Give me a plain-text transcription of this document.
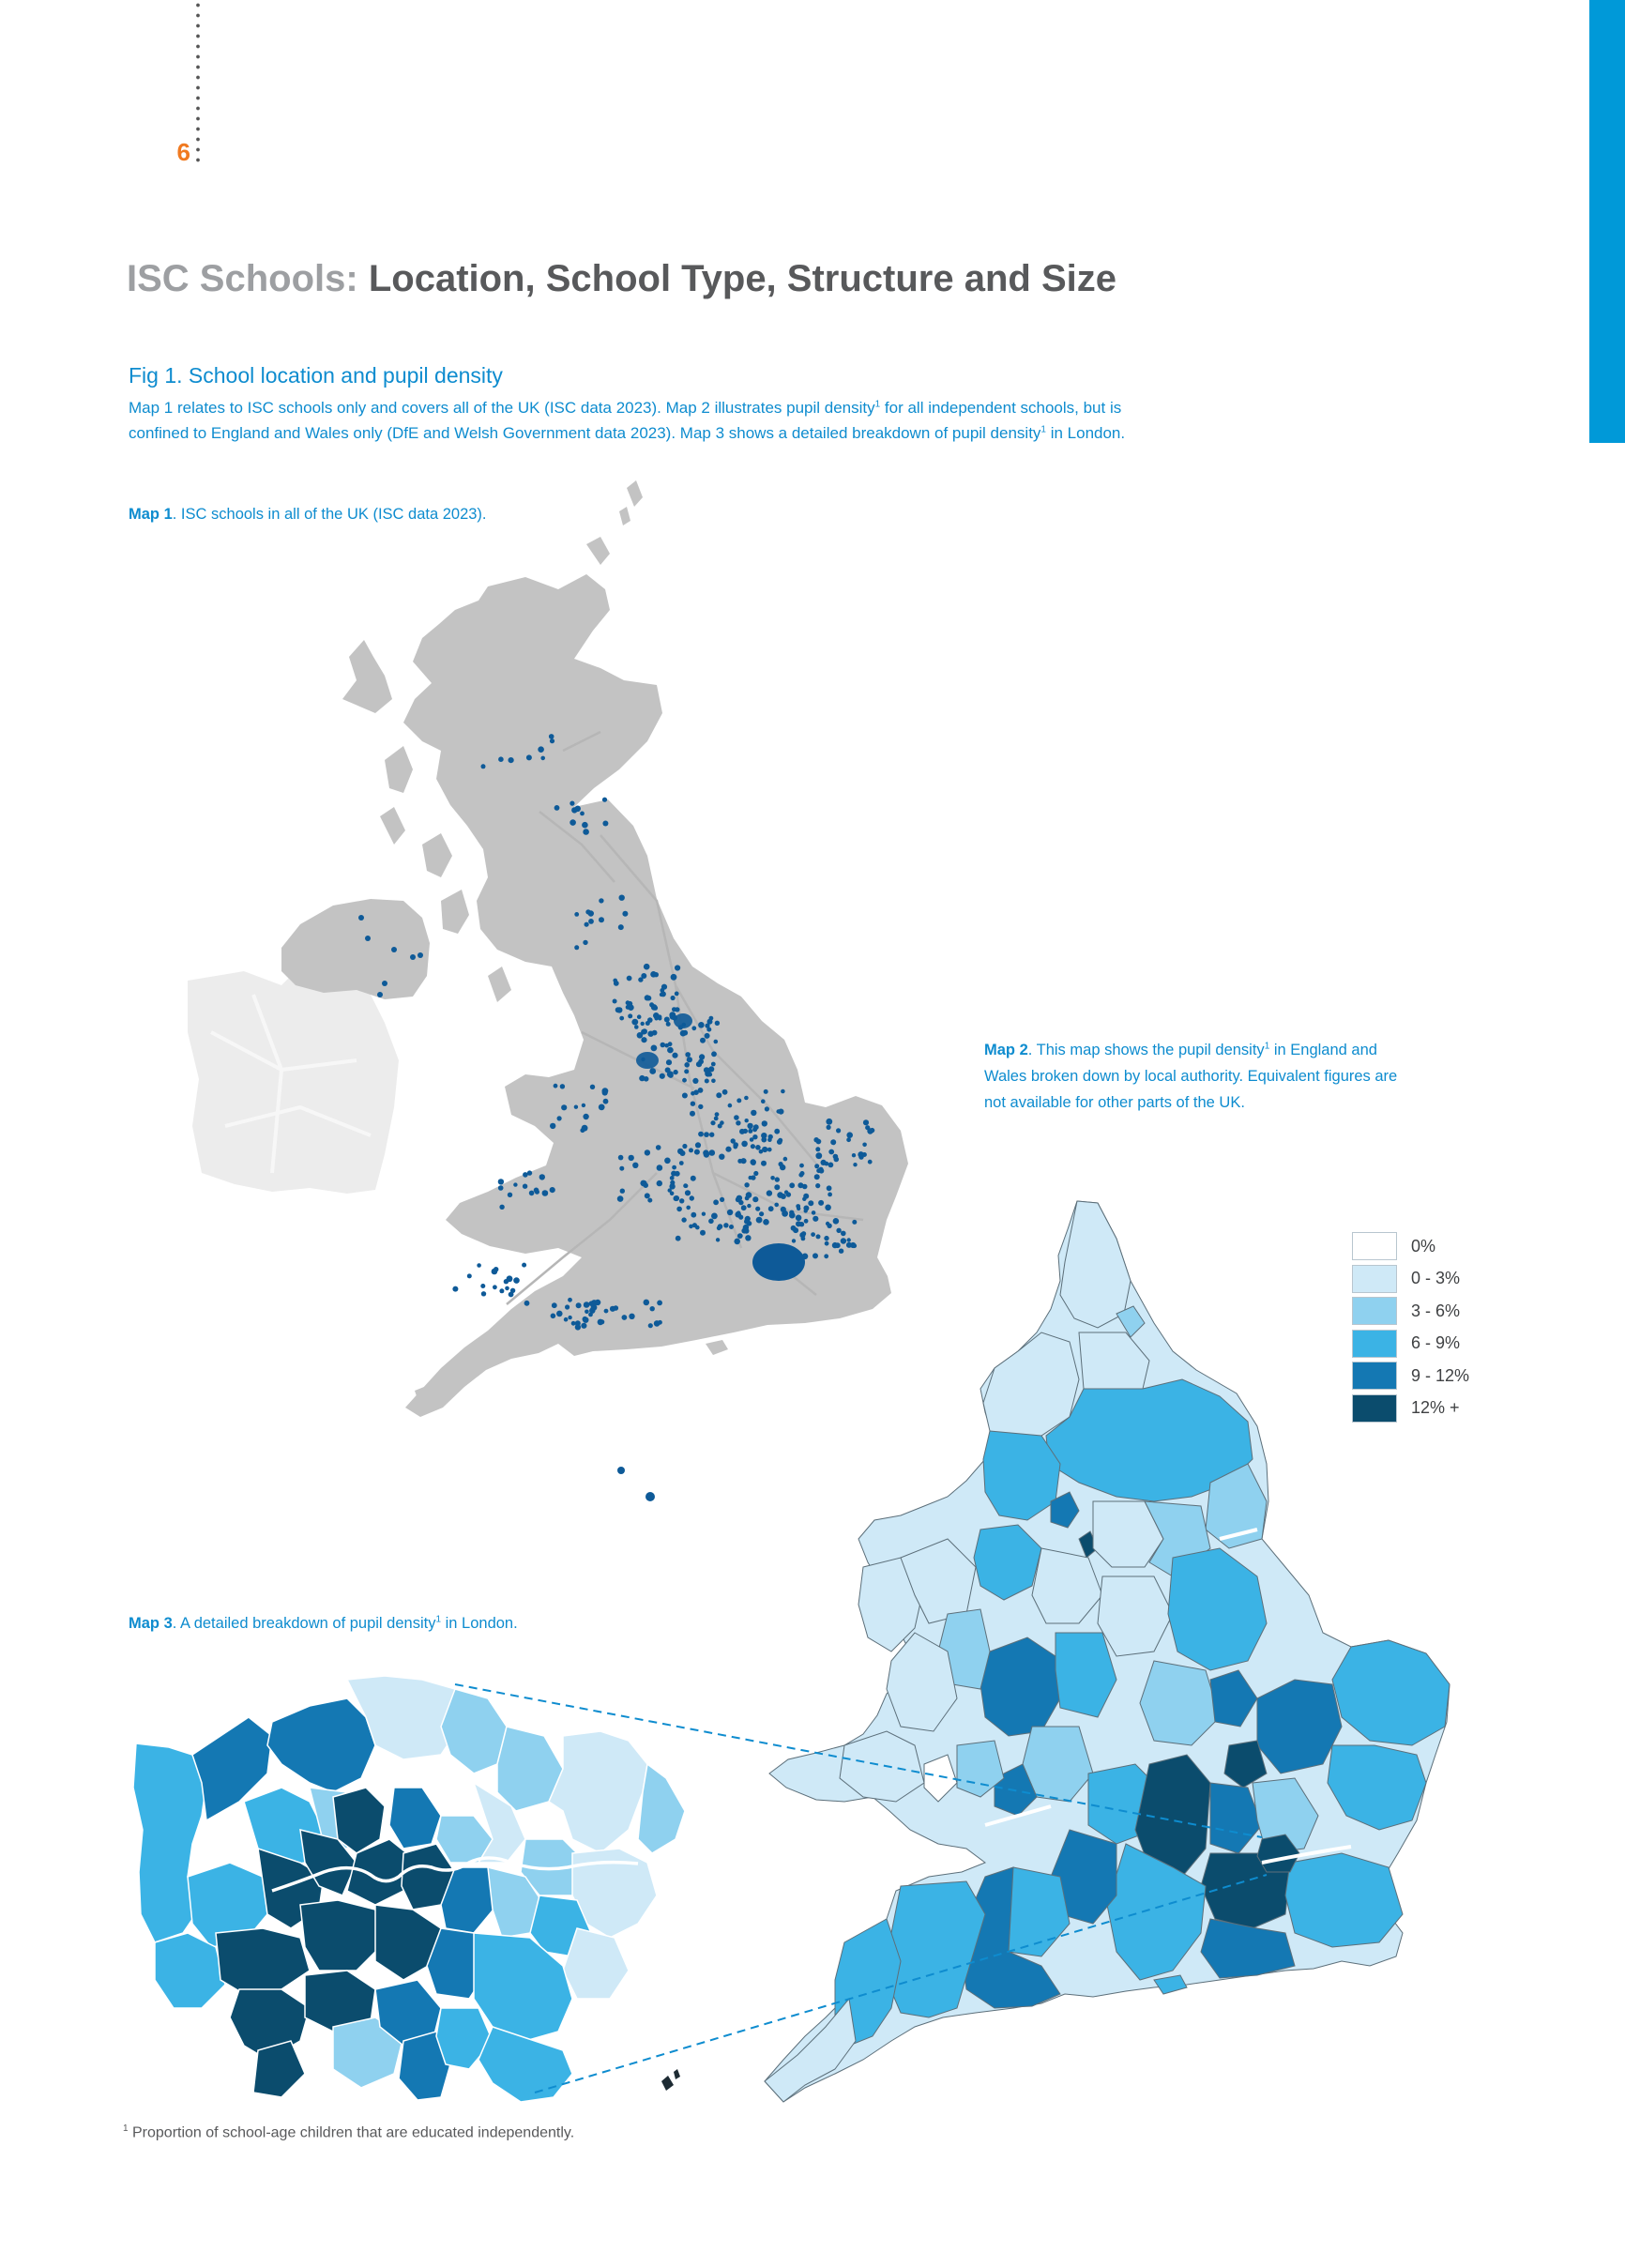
6
ISC Schools: Location, School Type, Structure and Size
Fig 1. School location and pupil density

Map 1 relates to ISC schools only and covers all of the UK (ISC data 2023). Map 2 illustrates pupil density$^1$ for all independent schools, but is
confined to England and Wales only (DfE and Welsh Government data 2023). Map 3 shows a detailed breakdown of pupil density$^1$ in London.

Map 1. ISC schools in all of the UK (ISC data 2023).

Map 2. This map shows the pupil density$^1$ in England and Wales broken down by local authority. Equivalent figures are not available for other parts of the UK.

Map 3. A detailed breakdown of pupil density$^1$ in London.

0%
0 - 3%
3 - 6%
6 - 9%
9 - 12%
12% +

$^1$ Proportion of school-age children that are educated independently.
